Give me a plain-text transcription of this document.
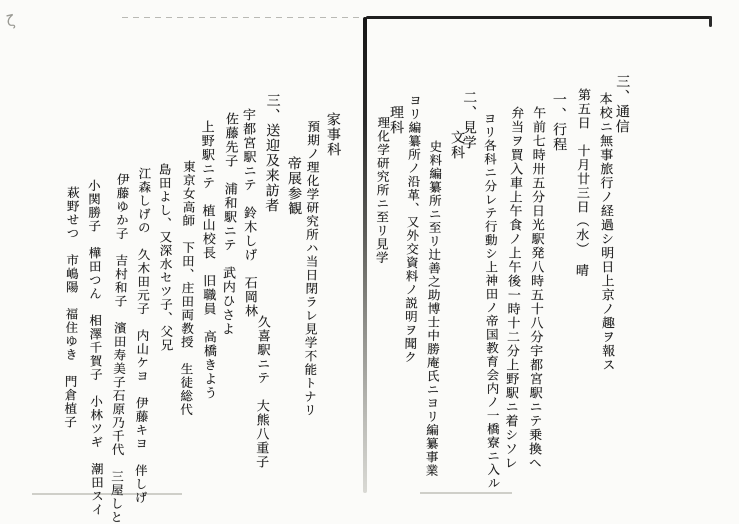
ζ
三、通信
本校ニ無事旅行ノ経過シ明日上京ノ趣ヲ報ス
第五日　十月廿三日（水）　晴
一、行程
午前七時卅五分日光駅発八時五十八分宇都宮駅ニテ乗換ヘ
弁当ヲ買入車上午食ノ上午後一時十二分上野駅ニ着シソレ
ヨリ各科ニ分レテ行動シ上神田ノ帝国教育会内ノ一橋寮ニ入ル
二、見学
文科
史料編纂所ニ至リ辻善之助博士中勝庵氏ニヨリ編纂事業
ヨリ編纂所ノ沿革、又外交資料ノ説明ヲ聞ク
理科
理化学研究所ニ至リ見学
家事科
預期ノ理化学研究所ハ当日閉ラレ見学不能トナリ
帝展参観
三、送迎及来訪者
宇都宮駅ニテ　鈴木しげ　石岡林
久喜駅ニテ　大熊八重子
佐藤先子　浦和駅ニテ　武内ひさよ
上野駅ニテ　植山校長　旧職員　高橋きよう
東京女高師　下田、庄田両教授　生徒総代
島田よし、又深水セツ子、父兄
江森しげの　久木田元子　内山ケヨ　伊藤キヨ　伴しげ
伊藤ゆか子　吉村和子　濱田寿美子石原乃千代　三屋しと
小関勝子　樺田つん　相澤千賀子　小林ツギ　潮田スイ
萩野せつ　市嶋陽　福住ゆき　門倉植子
